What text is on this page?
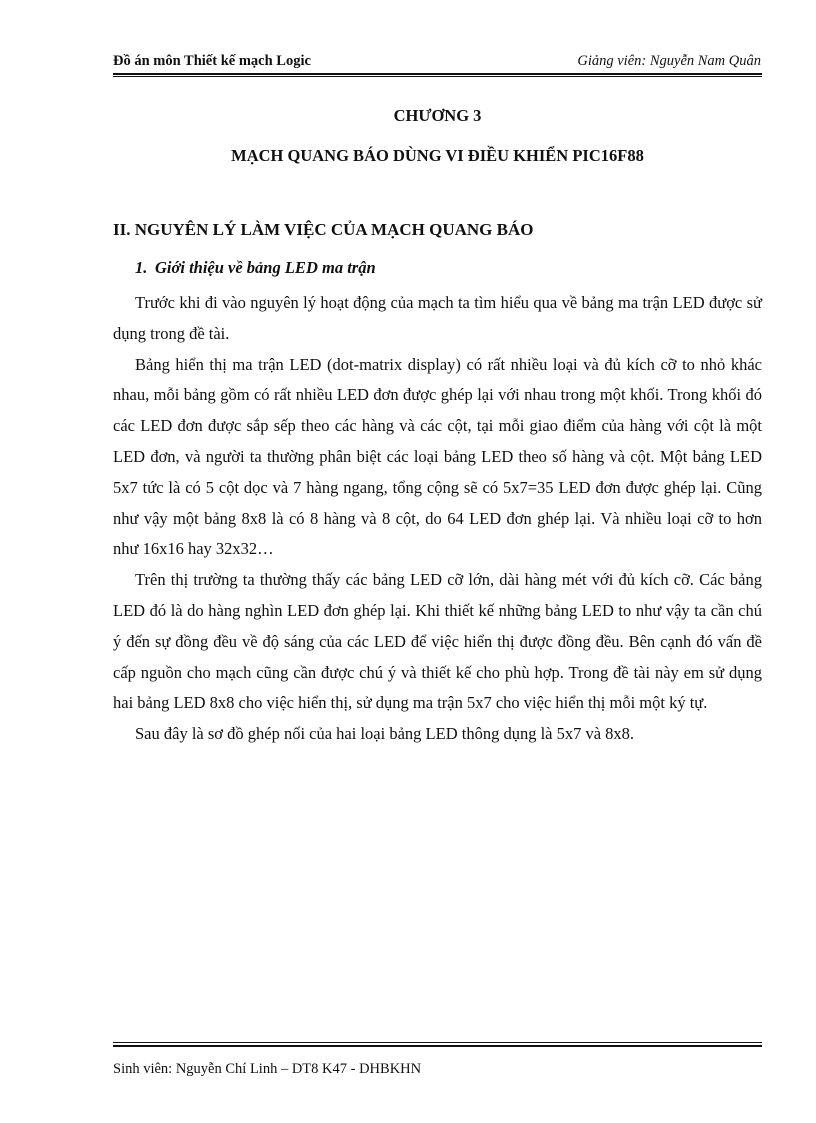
Đồ án môn Thiết kế mạch Logic	Giảng viên: Nguyễn Nam Quân
CHƯƠNG 3
MẠCH QUANG BÁO DÙNG VI ĐIỀU KHIỂN PIC16F88
II. NGUYÊN LÝ LÀM VIỆC CỦA MẠCH QUANG BÁO
1. Giới thiệu về bảng LED ma trận

Trước khi đi vào nguyên lý hoạt động của mạch ta tìm hiểu qua về bảng ma trận LED được sử dụng trong đề tài.

Bảng hiển thị ma trận LED (dot-matrix display) có rất nhiều loại và đủ kích cỡ to nhỏ khác nhau, mỗi bảng gồm có rất nhiều LED đơn được ghép lại với nhau trong một khối. Trong khối đó các LED đơn được sắp sếp theo các hàng và các cột, tại mỗi giao điểm của hàng với cột là một LED đơn, và người ta thường phân biệt các loại bảng LED theo số hàng và cột. Một bảng LED 5x7 tức là có 5 cột dọc và 7 hàng ngang, tổng cộng sẽ có 5x7=35 LED đơn được ghép lại. Cũng như vậy một bảng 8x8 là có 8 hàng và 8 cột, do 64 LED đơn ghép lại. Và nhiều loại cỡ to hơn như 16x16 hay 32x32…

Trên thị trường ta thường thấy các bảng LED cỡ lớn, dài hàng mét với đủ kích cỡ. Các bảng LED đó là do hàng nghìn LED đơn ghép lại. Khi thiết kế những bảng LED to như vậy ta cần chú ý đến sự đồng đều về độ sáng của các LED để việc hiển thị được đồng đều. Bên cạnh đó vấn đề cấp nguồn cho mạch cũng cần được chú ý và thiết kế cho phù hợp. Trong đề tài này em sử dụng hai bảng LED 8x8 cho việc hiển thị, sử dụng ma trận 5x7 cho việc hiển thị mỗi một ký tự.

Sau đây là sơ đồ ghép nối của hai loại bảng LED thông dụng là 5x7 và 8x8.

Sinh viên: Nguyễn Chí Linh – DT8 K47 - DHBKHN
